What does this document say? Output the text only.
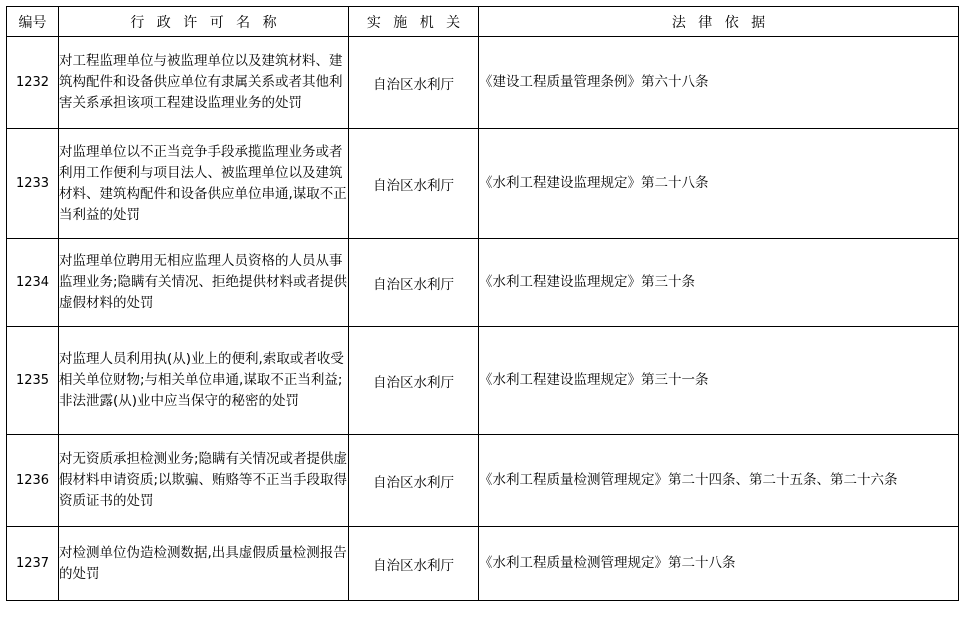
编号	行 政 许 可 名 称	实 施 机 关	法 律 依 据

1232	对工程监理单位与被监理单位以及建筑材料、建筑构配件和设备供应单位有隶属关系或者其他利害关系承担该项工程建设监理业务的处罚	自治区水利厅	《建设工程质量管理条例》第六十八条
1233	对监理单位以不正当竞争手段承揽监理业务或者利用工作便利与项目法人、被监理单位以及建筑材料、建筑构配件和设备供应单位串通,谋取不正当利益的处罚	自治区水利厅	《水利工程建设监理规定》第二十八条
1234	对监理单位聘用无相应监理人员资格的人员从事监理业务;隐瞒有关情况、拒绝提供材料或者提供虚假材料的处罚	自治区水利厅	《水利工程建设监理规定》第三十条
1235	对监理人员利用执(从)业上的便利,索取或者收受相关单位财物;与相关单位串通,谋取不正当利益;非法泄露(从)业中应当保守的秘密的处罚	自治区水利厅	《水利工程建设监理规定》第三十一条
1236	对无资质承担检测业务;隐瞒有关情况或者提供虚假材料申请资质;以欺骗、贿赂等不正当手段取得资质证书的处罚	自治区水利厅	《水利工程质量检测管理规定》第二十四条、第二十五条、第二十六条
1237	对检测单位伪造检测数据,出具虚假质量检测报告的处罚	自治区水利厅	《水利工程质量检测管理规定》第二十八条
